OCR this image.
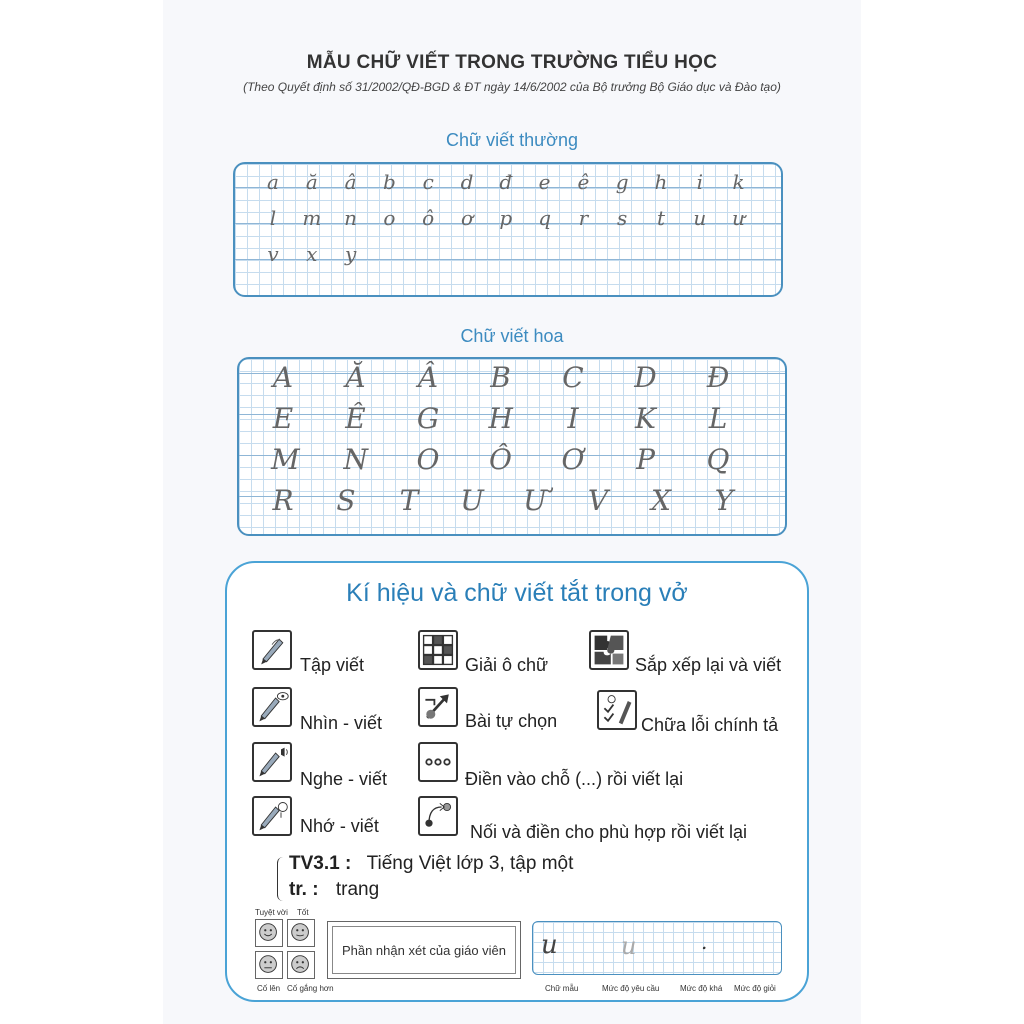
MẪU CHỮ VIẾT TRONG TRƯỜNG TIỂU HỌC
(Theo Quyết định số 31/2002/QĐ-BGD & ĐT ngày 14/6/2002 của Bộ trưởng Bộ Giáo dục và Đào tạo)
Chữ viết thường
a	ă	â	b	c	d đ	e	ê	g h	i	k
l	m n o ô ơ p q	r	s	t	u ư
v	x	y
Chữ viết hoa
A Ă Â B C D Đ
E Ê G H I K L
M N O Ô Ơ P Q
R S T U Ư V X Y
Kí hiệu và chữ viết tắt trong vở
Tập viết	Giải ô chữ	Sắp xếp lại và viết
Nhìn - viết	Bài tự chọn	Chữa lỗi chính tả
Nghe - viết	Điền vào chỗ (...) rồi viết lại
Nhớ - viết	Nối và điền cho phù hợp rồi viết lại
TV3.1 : Tiếng Việt lớp 3, tập một
tr. : trang
Tuyệt vời Tốt
Cố lên Cố gắng hơn
Phần nhận xét của giáo viên	u	u	.
Chữ mẫu	Mức độ yêu cầu	Mức độ khá Mức độ giỏi
